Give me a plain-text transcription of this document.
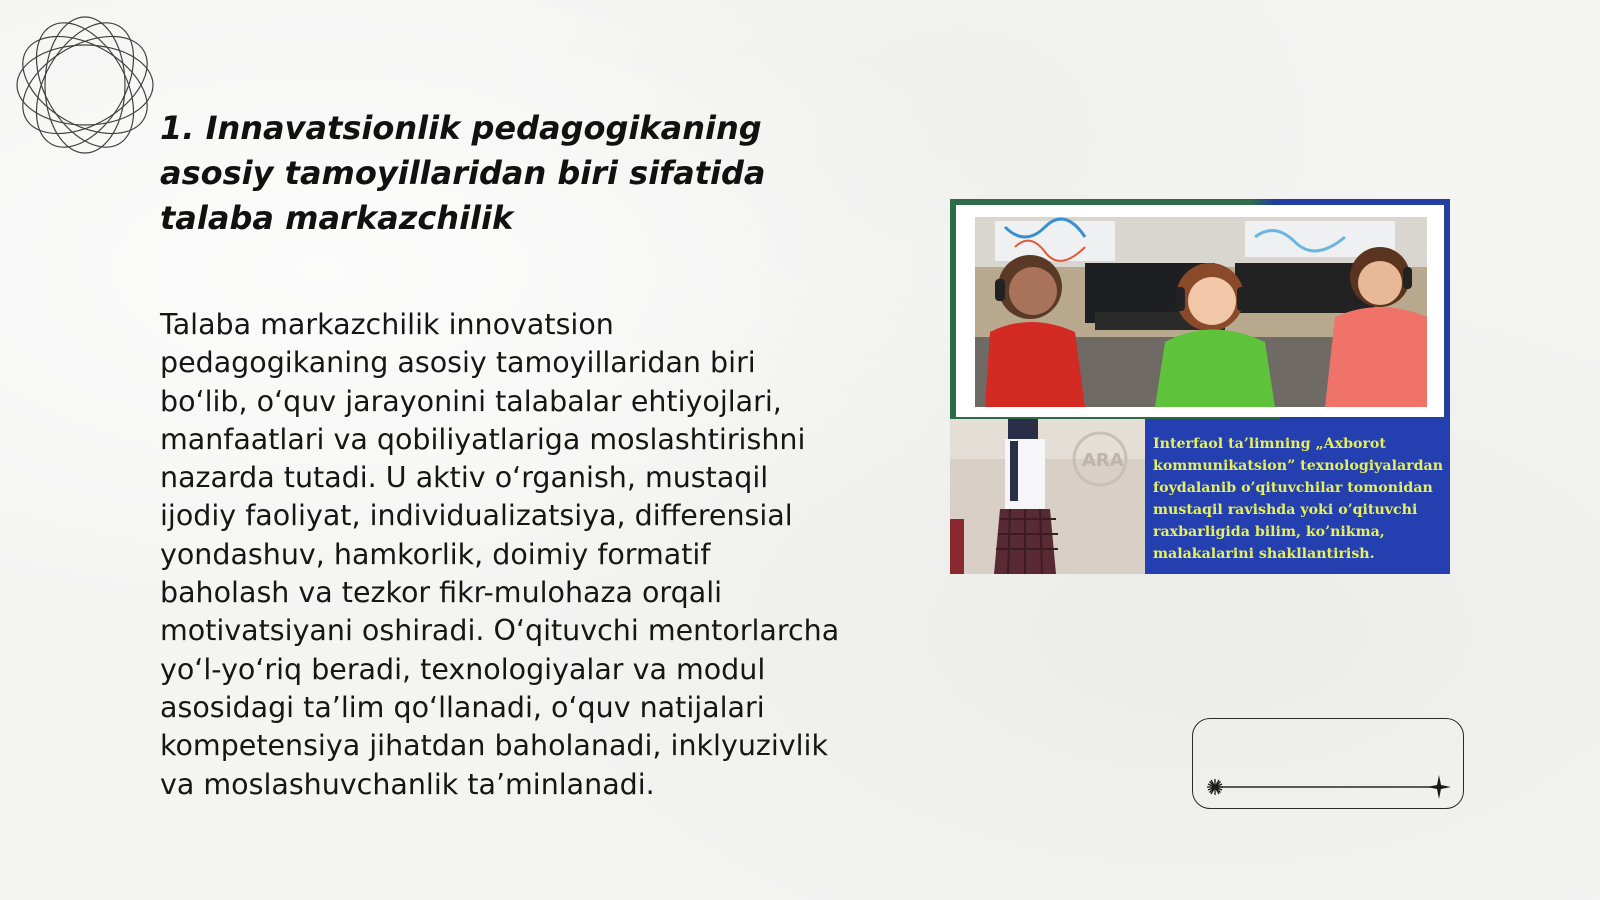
1. Innavatsionlik pedagogikaning asosiy tamoyillaridan biri sifatida talaba markazchilik

Talaba markazchilik innovatsion pedagogikaning asosiy tamoyillaridan biri bo‘lib, o‘quv jarayonini talabalar ehtiyojlari, manfaatlari va qobiliyatlariga moslashtirishni nazarda tutadi. U aktiv o‘rganish, mustaqil ijodiy faoliyat, individualizatsiya, differensial yondashuv, hamkorlik, doimiy formatif baholash va tezkor fikr-mulohaza orqali motivatsiyani oshiradi. O‘qituvchi mentorlarcha yo‘l-yo‘riq beradi, texnologiyalar va modul asosidagi ta’lim qo‘llanadi, o‘quv natijalari kompetensiya jihatdan baholanadi, inklyuzivlik va moslashuvchanlik ta’minlanadi.

ARA

Interfaol ta’limning „Axborot kommunikatsion” texnologiyalardan foydalanib o’qituvchilar tomonidan mustaqil ravishda yoki o’qituvchi raxbarligida bilim, ko’nikma, malakalarini shakllantirish.
